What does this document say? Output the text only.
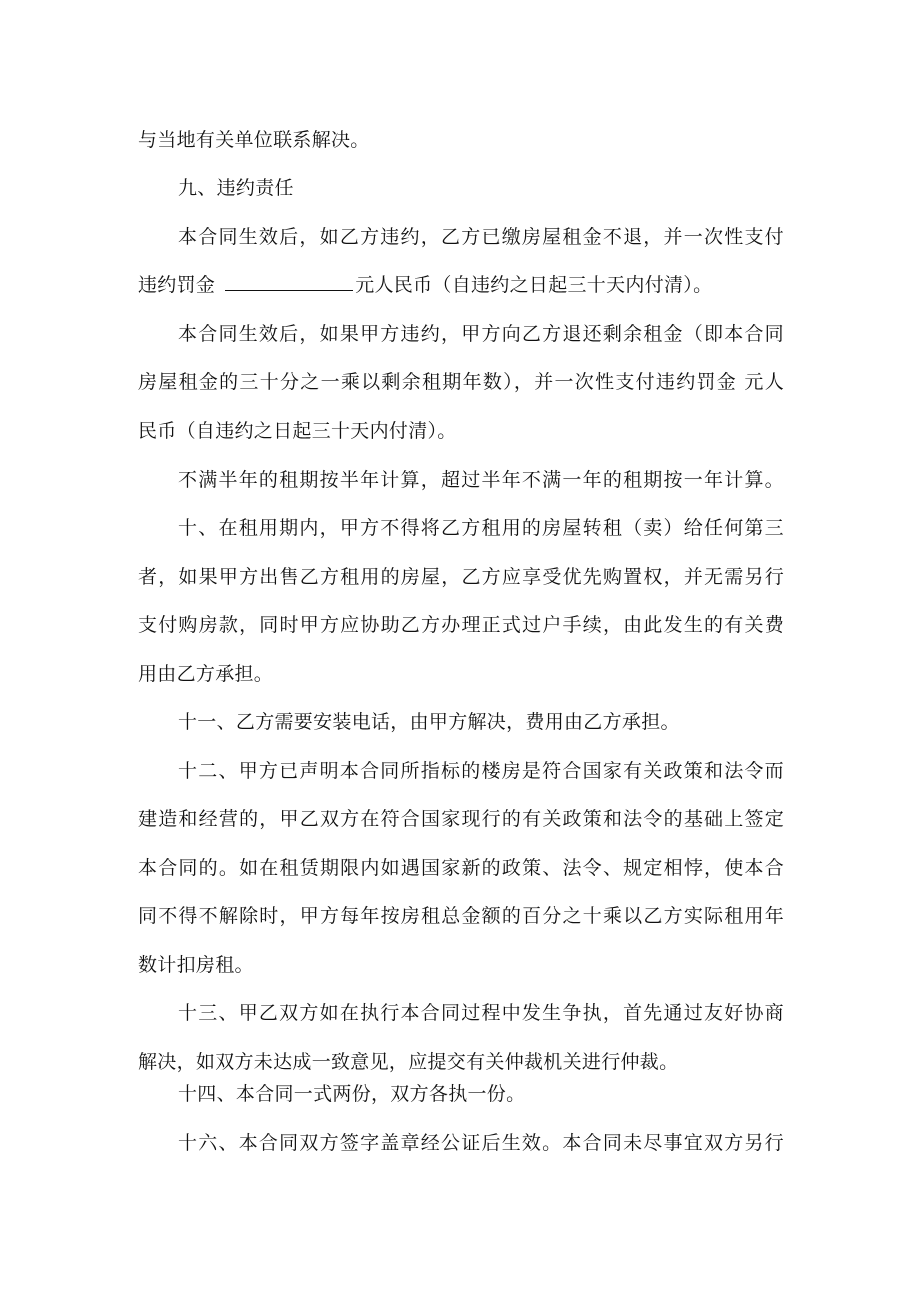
与当地有关单位联系解决。
九、违约责任
本合同生效后，如乙方违约，乙方已缴房屋租金不退，并一次性支付
违约罚金	元人民币（自违约之日起三十天内付清）。
本合同生效后，如果甲方违约，甲方向乙方退还剩余租金（即本合同
房屋租金的三十分之一乘以剩余租期年数），并一次性支付违约罚金 元人
民币（自违约之日起三十天内付清）。
不满半年的租期按半年计算，超过半年不满一年的租期按一年计算。
十、在租用期内，甲方不得将乙方租用的房屋转租（卖）给任何第三
者，如果甲方出售乙方租用的房屋，乙方应享受优先购置权，并无需另行
支付购房款，同时甲方应协助乙方办理正式过户手续，由此发生的有关费
用由乙方承担。
十一、乙方需要安装电话，由甲方解决，费用由乙方承担。
十二、甲方已声明本合同所指标的楼房是符合国家有关政策和法令而
建造和经营的，甲乙双方在符合国家现行的有关政策和法令的基础上签定
本合同的。如在租赁期限内如遇国家新的政策、法令、规定相悖，使本合
同不得不解除时，甲方每年按房租总金额的百分之十乘以乙方实际租用年
数计扣房租。
十三、甲乙双方如在执行本合同过程中发生争执，首先通过友好协商
解决，如双方未达成一致意见，应提交有关仲裁机关进行仲裁。
十四、本合同一式两份，双方各执一份。
十六、本合同双方签字盖章经公证后生效。本合同未尽事宜双方另行
